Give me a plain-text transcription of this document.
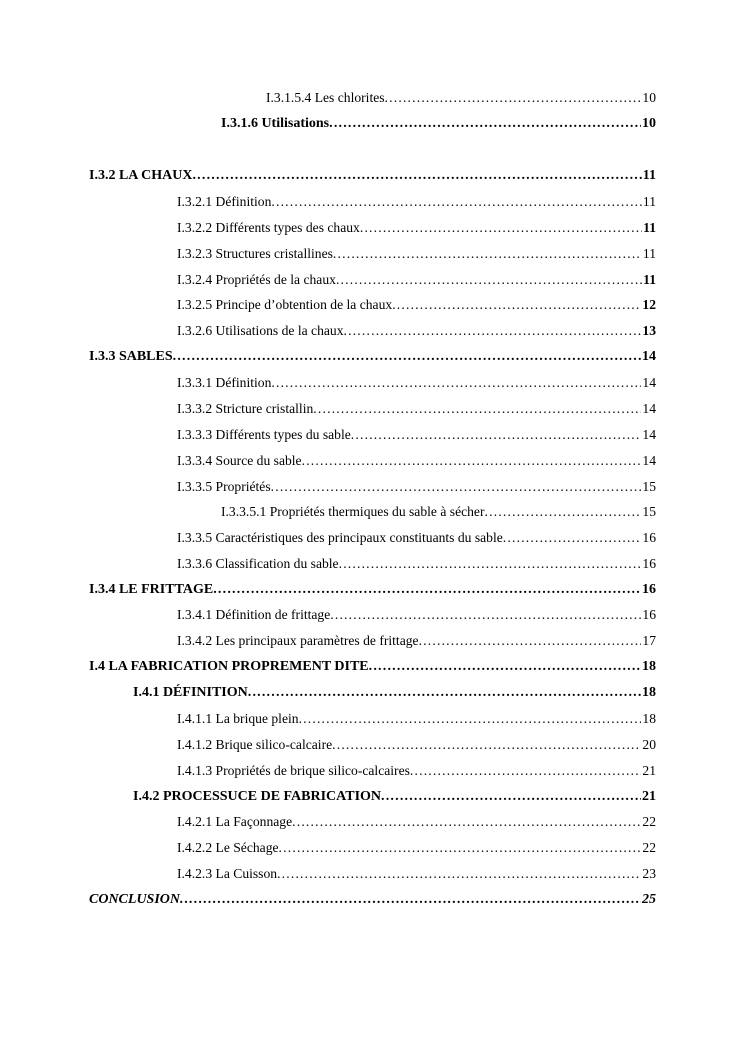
I.3.1.5.4 Les chlorites .....	10
I.3.1.6 Utilisations .....	10
I.3.2 LA CHAUX .....	11
I.3.2.1 Définition .....	11
I.3.2.2 Différents types des chaux .....	11
I.3.2.3 Structures cristallines .....	11
I.3.2.4 Propriétés de la chaux .....	11
I.3.2.5 Principe d’obtention de la chaux .....	12
I.3.2.6 Utilisations de la chaux .....	13
I.3.3 SABLES .....	14
I.3.3.1 Définition .....	14
I.3.3.2 Stricture cristallin .....	14
I.3.3.3 Différents types du sable .....	14
I.3.3.4 Source du sable .....	14
I.3.3.5 Propriétés .....	15
I.3.3.5.1 Propriétés thermiques du sable à sécher .....	15
I.3.3.5 Caractéristiques des principaux constituants du sable .....	16
I.3.3.6 Classification du sable .....	16
I.3.4 LE FRITTAGE .....	16
I.3.4.1 Définition de frittage .....	16
I.3.4.2 Les principaux paramètres de frittage .....	17
I.4 LA FABRICATION PROPREMENT DITE .....	18
I.4.1 DÉFINITION .....	18
I.4.1.1 La brique plein .....	18
I.4.1.2 Brique silico-calcaire .....	20
I.4.1.3 Propriétés de brique silico-calcaires .....	21
I.4.2 PROCESSUCE DE FABRICATION .....	21
I.4.2.1 La Façonnage .....	22
I.4.2.2 Le Séchage .....	22
I.4.2.3 La Cuisson .....	23
CONCLUSION .....	25
